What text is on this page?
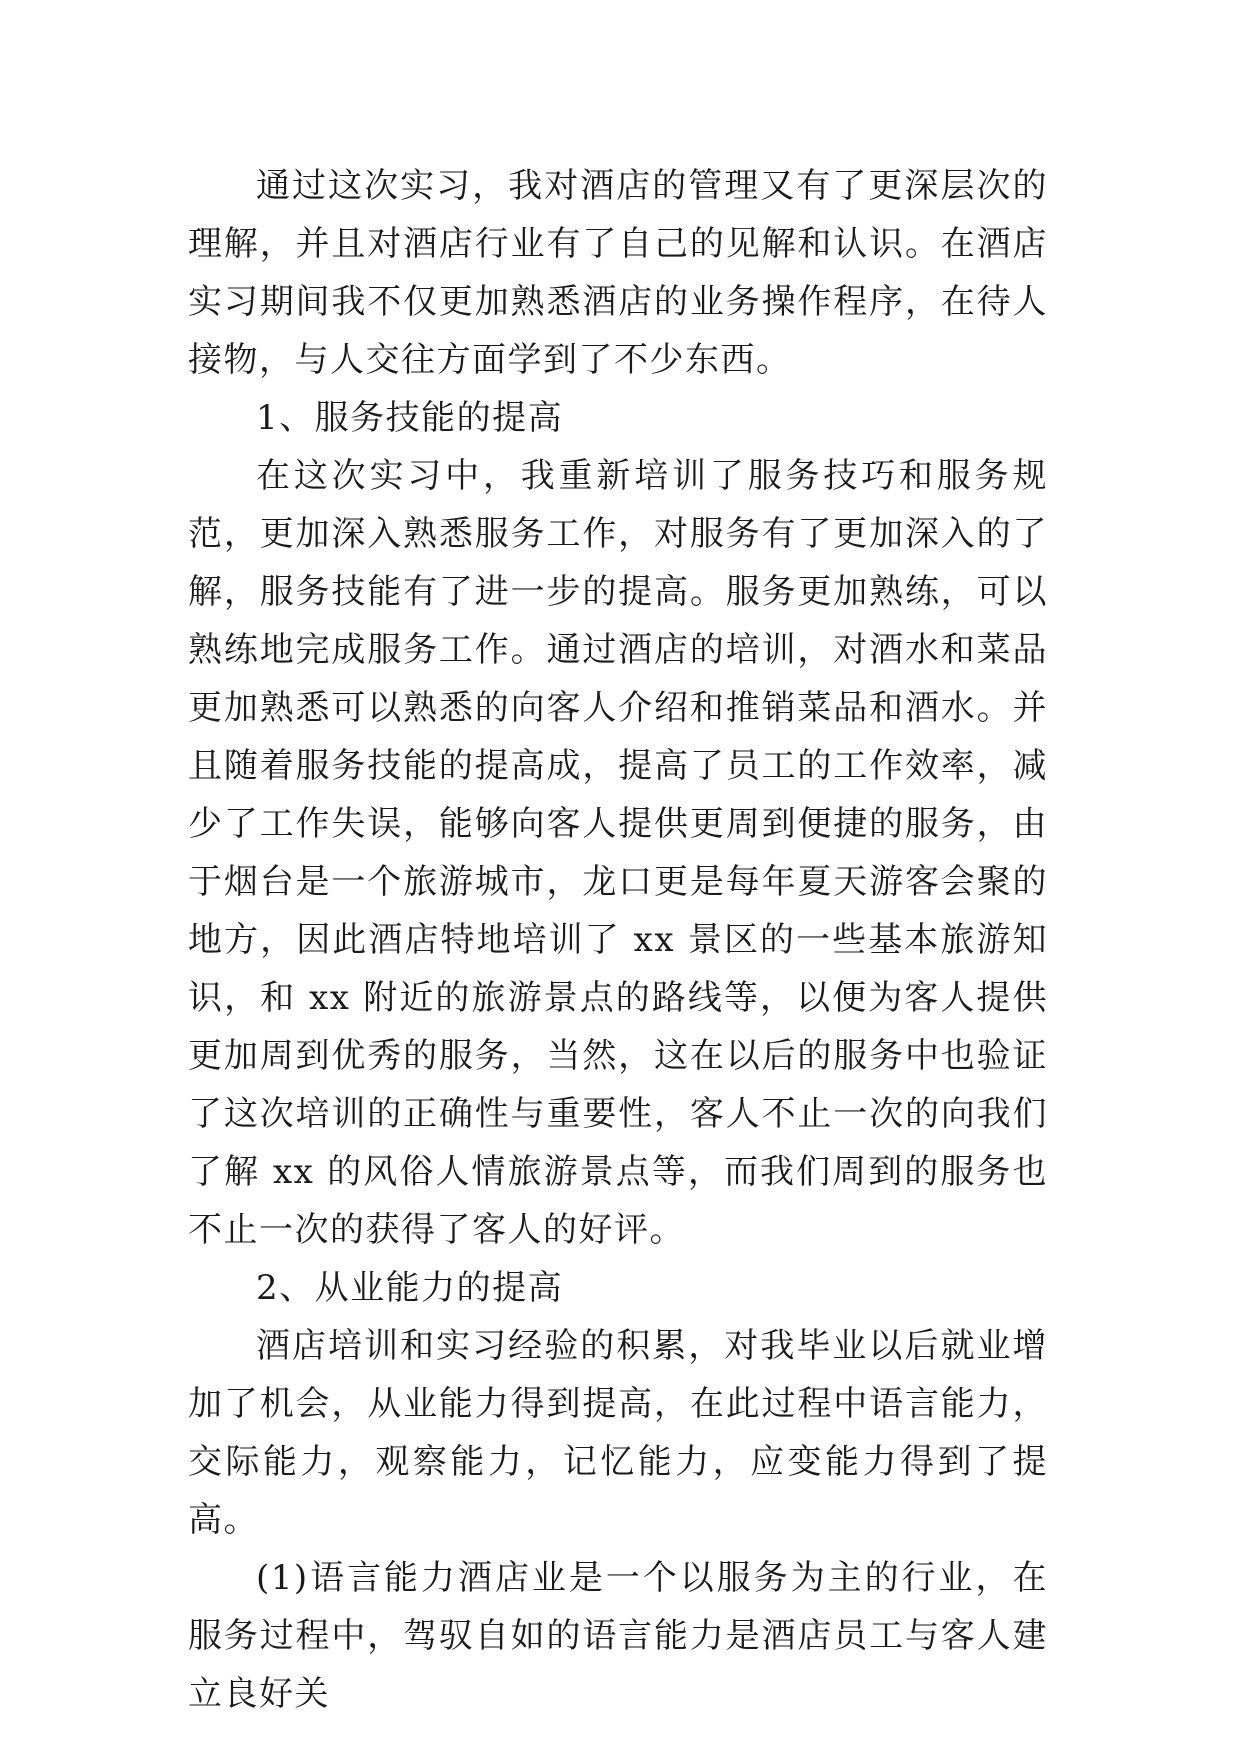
通过这次实习，我对酒店的管理又有了更深层次的理解，并且对酒店行业有了自己的见解和认识。在酒店实习期间我不仅更加熟悉酒店的业务操作程序，在待人接物，与人交往方面学到了不少东西。

1、服务技能的提高

在这次实习中，我重新培训了服务技巧和服务规范，更加深入熟悉服务工作，对服务有了更加深入的了解，服务技能有了进一步的提高。服务更加熟练，可以熟练地完成服务工作。通过酒店的培训，对酒水和菜品更加熟悉可以熟悉的向客人介绍和推销菜品和酒水。并且随着服务技能的提高成，提高了员工的工作效率，减少了工作失误，能够向客人提供更周到便捷的服务，由于烟台是一个旅游城市，龙口更是每年夏天游客会聚的地方，因此酒店特地培训了 xx 景区的一些基本旅游知识，和 xx 附近的旅游景点的路线等，以便为客人提供更加周到优秀的服务，当然，这在以后的服务中也验证了这次培训的正确性与重要性，客人不止一次的向我们了解 xx 的风俗人情旅游景点等，而我们周到的服务也不止一次的获得了客人的好评。

2、从业能力的提高

酒店培训和实习经验的积累，对我毕业以后就业增加了机会，从业能力得到提高，在此过程中语言能力，交际能力，观察能力，记忆能力，应变能力得到了提高。

(1)语言能力酒店业是一个以服务为主的行业，在服务过程中，驾驭自如的语言能力是酒店员工与客人建立良好关
